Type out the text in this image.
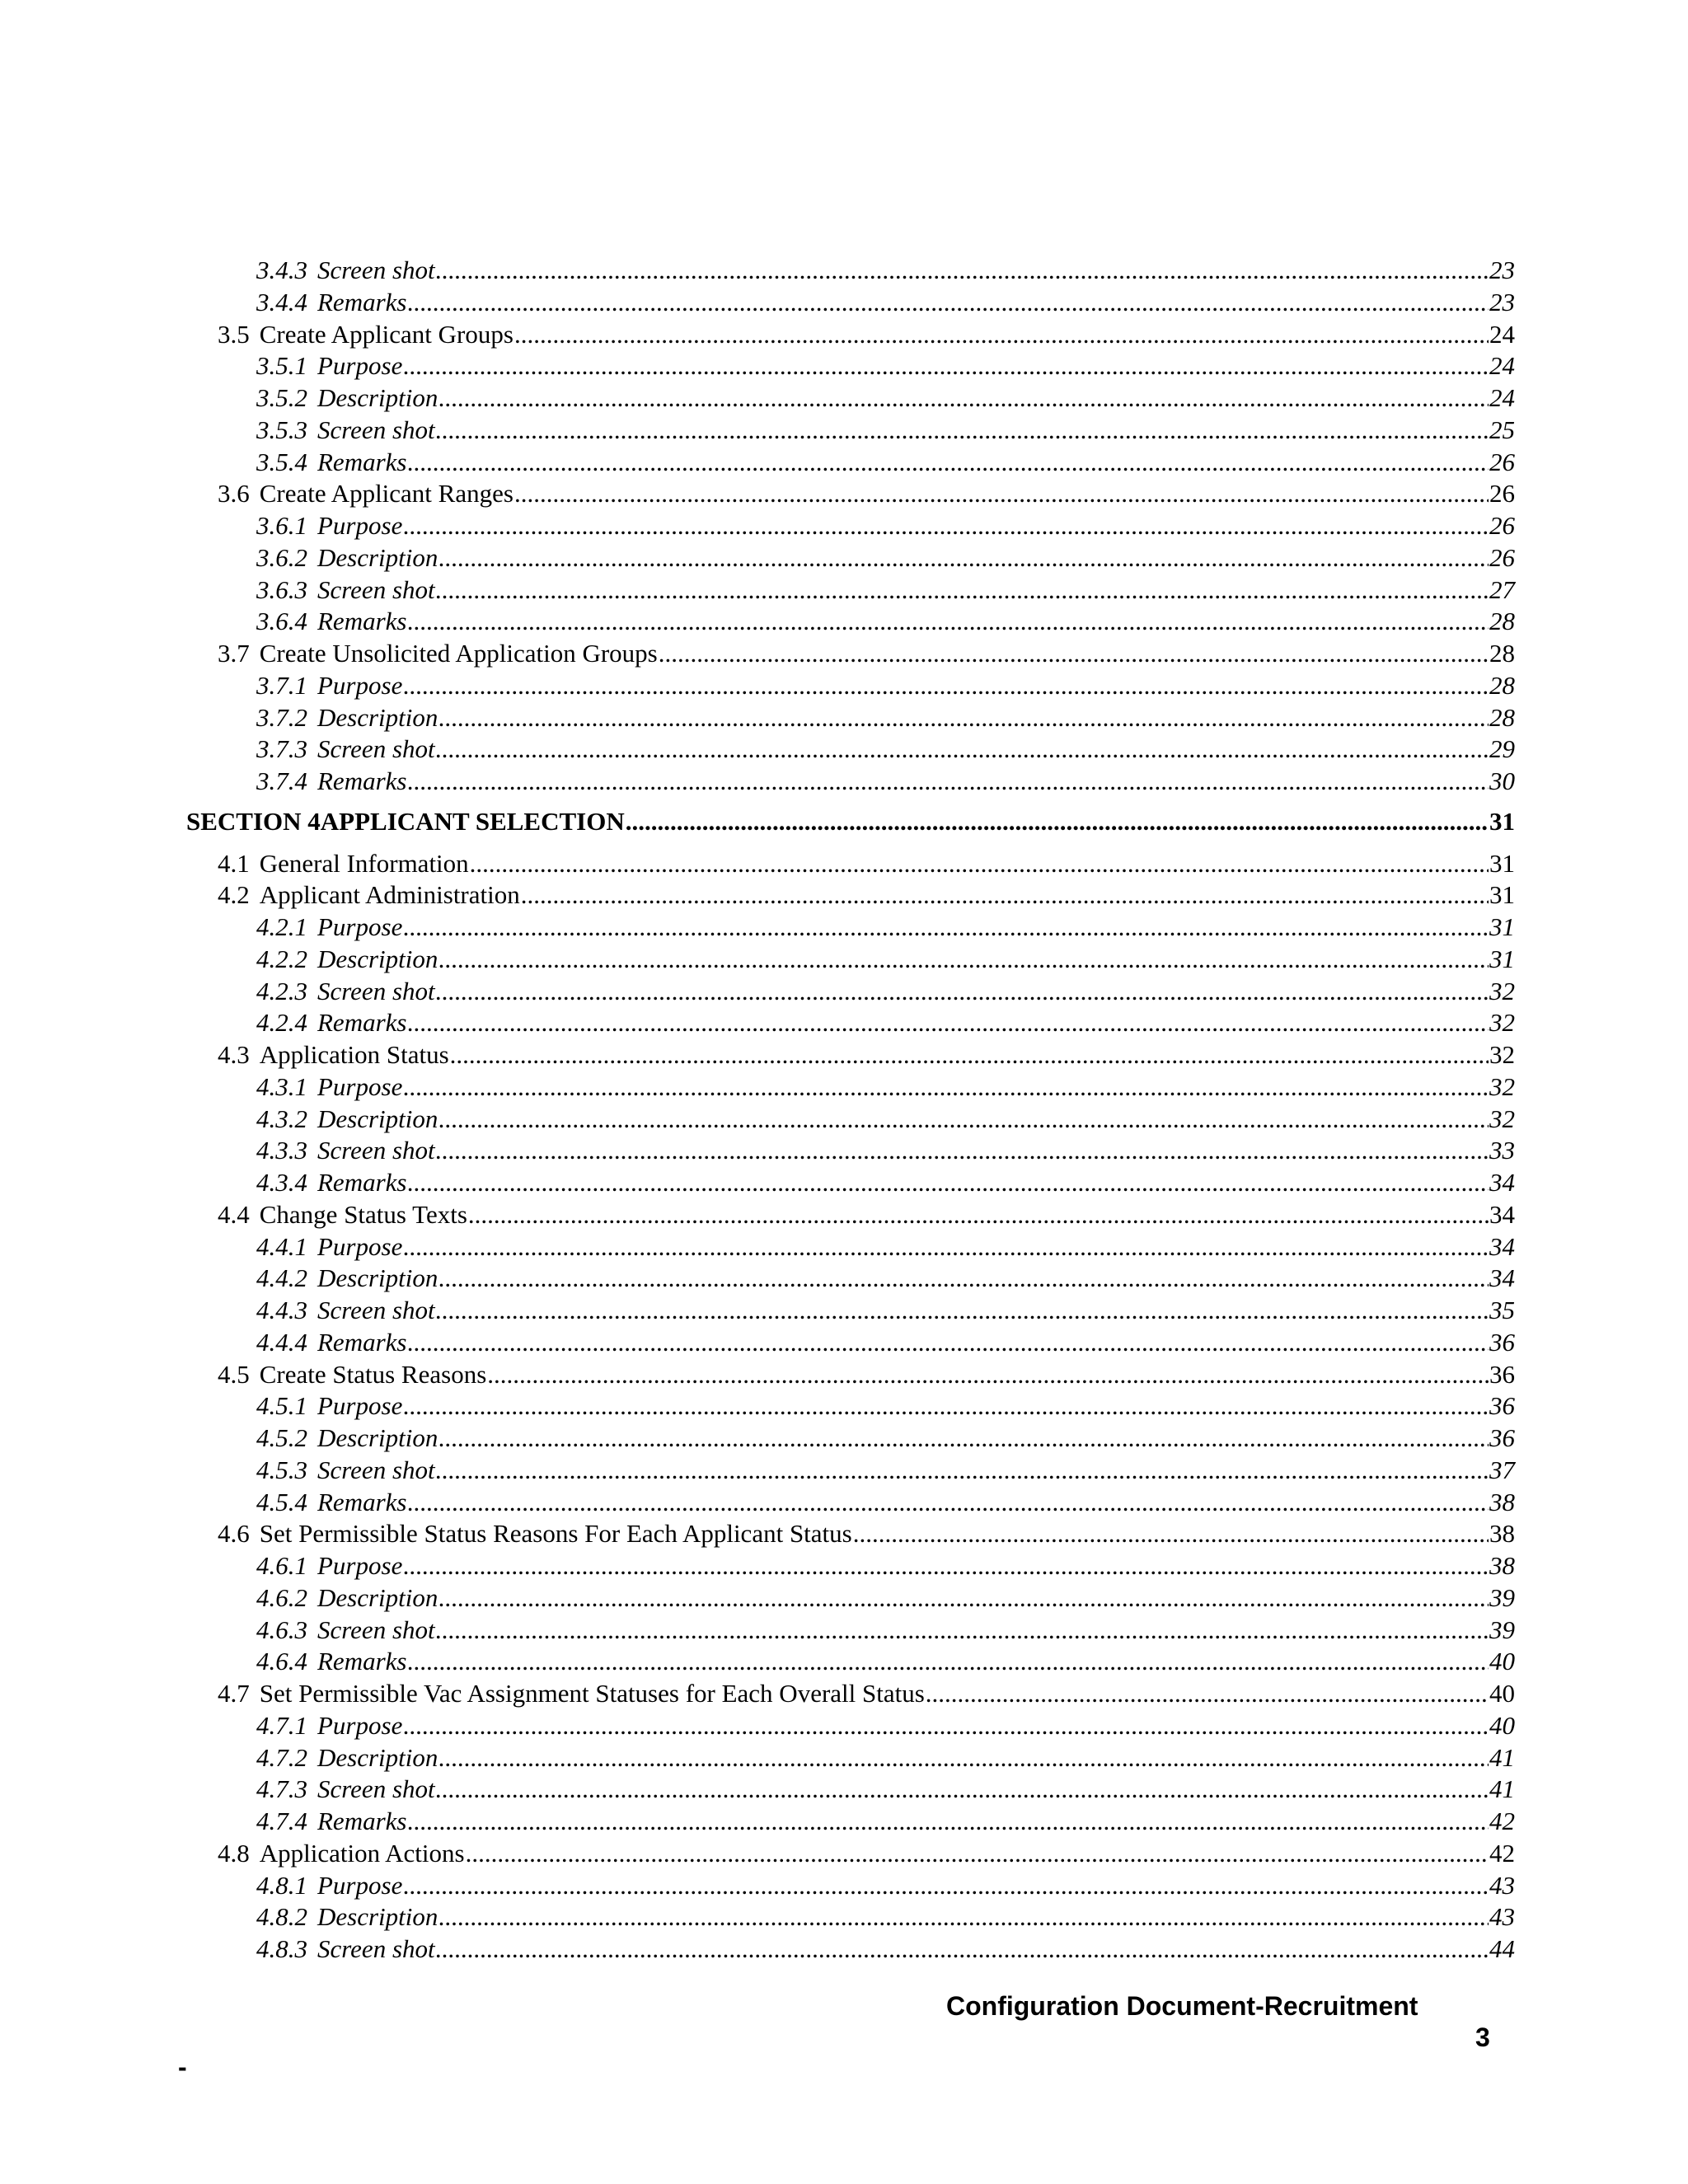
3.4.3 Screen shot .....	23
3.4.4 Remarks .....	23
3.5 Create Applicant Groups .....	24
3.5.1 Purpose .....	24
3.5.2 Description .....	24
3.5.3 Screen shot .....	25
3.5.4 Remarks .....	26
3.6 Create Applicant Ranges .....	26
3.6.1 Purpose .....	26
3.6.2 Description .....	26
3.6.3 Screen shot .....	27
3.6.4 Remarks .....	28
3.7 Create Unsolicited Application Groups .....	28
3.7.1 Purpose .....	28
3.7.2 Description .....	28
3.7.3 Screen shot .....	29
3.7.4 Remarks .....	30
SECTION 4 APPLICANT SELECTION .....	31
4.1 General Information .....	31
4.2 Applicant Administration .....	31
4.2.1 Purpose .....	31
4.2.2 Description .....	31
4.2.3 Screen shot .....	32
4.2.4 Remarks .....	32
4.3 Application Status .....	32
4.3.1 Purpose .....	32
4.3.2 Description .....	32
4.3.3 Screen shot .....	33
4.3.4 Remarks .....	34
4.4 Change Status Texts .....	34
4.4.1 Purpose .....	34
4.4.2 Description .....	34
4.4.3 Screen shot .....	35
4.4.4 Remarks .....	36
4.5 Create Status Reasons .....	36
4.5.1 Purpose .....	36
4.5.2 Description .....	36
4.5.3 Screen shot .....	37
4.5.4 Remarks .....	38
4.6 Set Permissible Status Reasons For Each Applicant Status .....	38
4.6.1 Purpose .....	38
4.6.2 Description .....	39
4.6.3 Screen shot .....	39
4.6.4 Remarks .....	40
4.7 Set Permissible Vac Assignment Statuses for Each Overall Status .....	40
4.7.1 Purpose .....	40
4.7.2 Description .....	41
4.7.3 Screen shot .....	41
4.7.4 Remarks .....	42
4.8 Application Actions .....	42
4.8.1 Purpose .....	43
4.8.2 Description .....	43
4.8.3 Screen shot .....	44
Configuration Document-Recruitment
3
-
